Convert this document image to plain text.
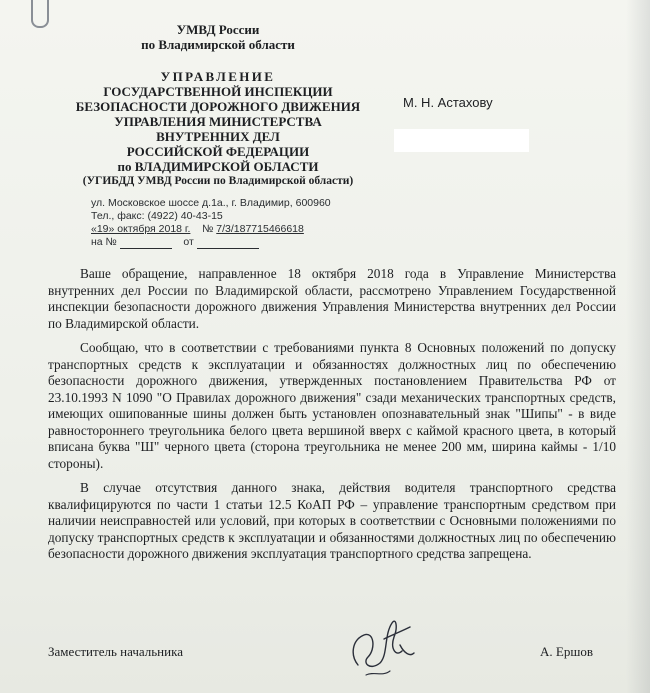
УМВД России
по Владимирской области
УПРАВЛЕНИЕ
ГОСУДАРСТВЕННОЙ ИНСПЕКЦИИ
БЕЗОПАСНОСТИ ДОРОЖНОГО ДВИЖЕНИЯ
УПРАВЛЕНИЯ МИНИСТЕРСТВА
ВНУТРЕННИХ ДЕЛ
РОССИЙСКОЙ ФЕДЕРАЦИИ
по ВЛАДИМИРСКОЙ ОБЛАСТИ
(УГИБДД УМВД России по Владимирской области)
ул. Московское шоссе д.1а., г. Владимир, 600960
Тел., факс: (4922) 40-43-15
«19» октября 2018 г. № 7/3/187715466618
на №	от
М. Н. Астахову

Ваше обращение, направленное 18 октября 2018 года в Управление Министерства внутренних дел России по Владимирской области, рассмотрено Управлением Государственной инспекции безопасности дорожного движения Управления Министерства внутренних дел России по Владимирской области.

Сообщаю, что в соответствии с требованиями пункта 8 Основных положений по допуску транспортных средств к эксплуатации и обязанностях должностных лиц по обеспечению безопасности дорожного движения, утвержденных постановлением Правительства РФ от 23.10.1993 N 1090 "О Правилах дорожного движения" сзади механических транспортных средств, имеющих ошипованные шины должен быть установлен опознавательный знак "Шипы" - в виде равностороннего треугольника белого цвета вершиной вверх с каймой красного цвета, в который вписана буква "Ш" черного цвета (сторона треугольника не менее 200 мм, ширина каймы - 1/10 стороны).

В случае отсутствия данного знака, действия водителя транспортного средства квалифицируются по части 1 статьи 12.5 КоАП РФ – управление транспортным средством при наличии неисправностей или условий, при которых в соответствии с Основными положениями по допуску транспортных средств к эксплуатации и обязанностями должностных лиц по обеспечению безопасности дорожного движения эксплуатация транспортного средства запрещена.

Заместитель начальника	А. Ершов
